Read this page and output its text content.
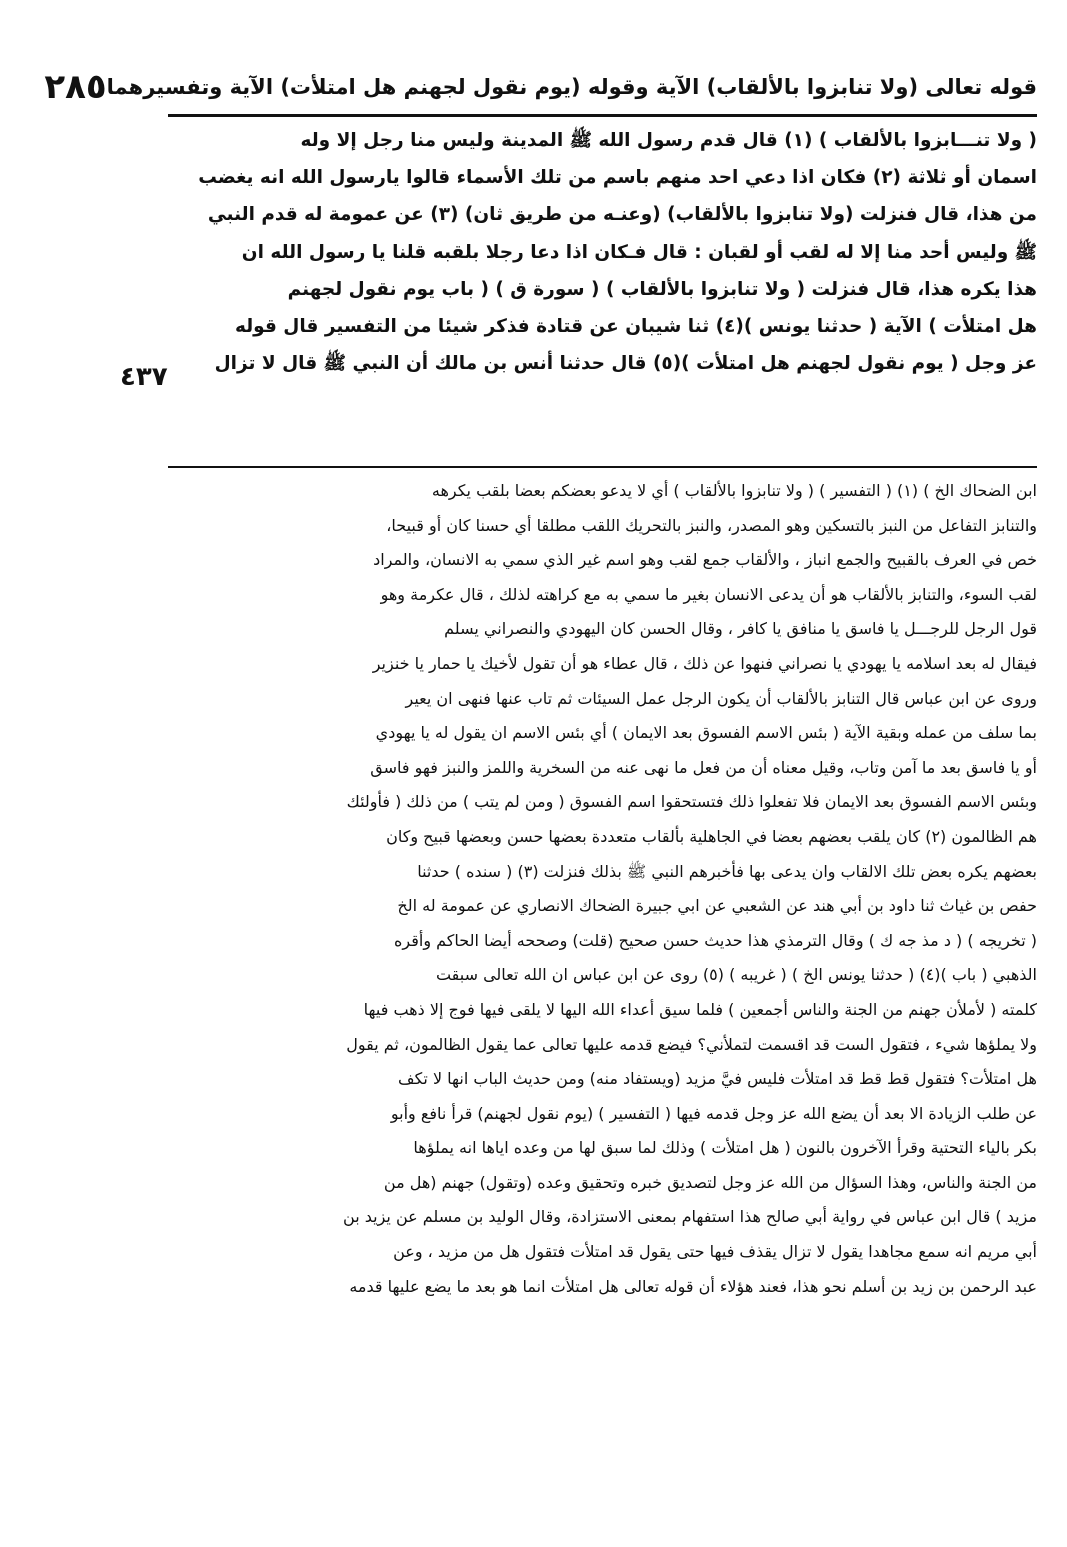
قوله تعالى (ولا تنابزوا بالألقاب) الآية وقوله (يوم نقول لجهنم هل امتلأت) الآية وتفسيرهما
٢٨٥
٤٣٧
( ولا تنـــابزوا بالألقاب ) (١) قال قدم رسول الله ﷺ المدينة وليس منا رجل إلا وله
اسمان أو ثلاثة (٢) فكان اذا دعي احد منهم باسم من تلك الأسماء قالوا يارسول الله انه يغضب
من هذا، قال فنزلت (ولا تنابزوا بالألقاب) (وعنـه من طريق ثان) (٣) عن عمومة له قدم النبي
ﷺ وليس أحد منا إلا له لقب أو لقبان : قال فـكان اذا دعا رجلا بلقبه قلنا يا رسول الله ان
هذا يكره هذا، قال فنزلت ( ولا تنابزوا بالألقاب ) ( سورة ق ) ( باب يوم نقول لجهنم
هل امتلأت ) الآية ( حدثنا يونس )(٤) ثنا شيبان عن قتادة فذكر شيئا من التفسير قال قوله
عز وجل ( يوم نقول لجهنم هل امتلأت )(٥) قال حدثنا أنس بن مالك أن النبي ﷺ قال لا تزال
ابن الضحاك الخ ) (١) ( التفسير ) ( ولا تنابزوا بالألقاب ) أي لا يدعو بعضكم بعضا بلقب يكرهه
والتنابز التفاعل من النبز بالتسكين وهو المصدر، والنبز بالتحريك اللقب مطلقا أي حسنا كان أو قبيحا،
خص في العرف بالقبيح والجمع انباز ، والألقاب جمع لقب وهو اسم غير الذي سمي به الانسان، والمراد
لقب السوء، والتنابز بالألقاب هو أن يدعى الانسان بغير ما سمي به مع كراهته لذلك ، قال عكرمة وهو
قول الرجل للرجـــل يا فاسق يا منافق يا كافر ، وقال الحسن كان اليهودي والنصراني يسلم
فيقال له بعد اسلامه يا يهودي يا نصراني فنهوا عن ذلك ، قال عطاء هو أن تقول لأخيك يا حمار يا خنزير
وروى عن ابن عباس قال التنابز بالألقاب أن يكون الرجل عمل السيئات ثم تاب عنها فنهى ان يعير
بما سلف من عمله وبقية الآية ( بئس الاسم الفسوق بعد الايمان ) أي بئس الاسم ان يقول له يا يهودي
أو يا فاسق بعد ما آمن وتاب، وقيل معناه أن من فعل ما نهى عنه من السخرية واللمز والنبز فهو فاسق
وبئس الاسم الفسوق بعد الايمان فلا تفعلوا ذلك فتستحقوا اسم الفسوق ( ومن لم يتب ) من ذلك ( فأولئك
هم الظالمون (٢) كان يلقب بعضهم بعضا في الجاهلية بألقاب متعددة بعضها حسن وبعضها قبيح وكان
بعضهم يكره بعض تلك الالقاب وان يدعى بها فأخبرهم النبي ﷺ بذلك فنزلت (٣) ( سنده ) حدثنا
حفص بن غياث ثنا داود بن أبي هند عن الشعبي عن ابي جبيرة الضحاك الانصاري عن عمومة له الخ
( تخريجه ) ( د مذ جه ك ) وقال الترمذي هذا حديث حسن صحيح (قلت) وصححه أيضا الحاكم وأقره
الذهبي ( باب )(٤) ( حدثنا يونس الخ ) ( غريبه ) (٥) روى عن ابن عباس ان الله تعالى سبقت
كلمته ( لأملأن جهنم من الجنة والناس أجمعين ) فلما سيق أعداء الله اليها لا يلقى فيها فوج إلا ذهب فيها
ولا يملؤها شيء ، فتقول الست قد اقسمت لتملأني؟ فيضع قدمه عليها تعالى عما يقول الظالمون، ثم يقول
هل امتلأت؟ فتقول قط قط قد امتلأت فليس فيَّ مزيد (ويستفاد منه) ومن حديث الباب انها لا تكف
عن طلب الزيادة الا بعد أن يضع الله عز وجل قدمه فيها ( التفسير ) (يوم نقول لجهنم) قرأ نافع وأبو
بكر بالياء التحتية وقرأ الآخرون بالنون ( هل امتلأت ) وذلك لما سبق لها من وعده اياها انه يملؤها
من الجنة والناس، وهذا السؤال من الله عز وجل لتصديق خبره وتحقيق وعده (وتقول) جهنم (هل من
مزيد ) قال ابن عباس في رواية أبي صالح هذا استفهام بمعنى الاستزادة، وقال الوليد بن مسلم عن يزيد بن
أبي مريم انه سمع مجاهدا يقول لا تزال يقذف فيها حتى يقول قد امتلأت فتقول هل من مزيد ، وعن
عبد الرحمن بن زيد بن أسلم نحو هذا، فعند هؤلاء أن قوله تعالى هل امتلأت انما هو بعد ما يضع عليها قدمه
